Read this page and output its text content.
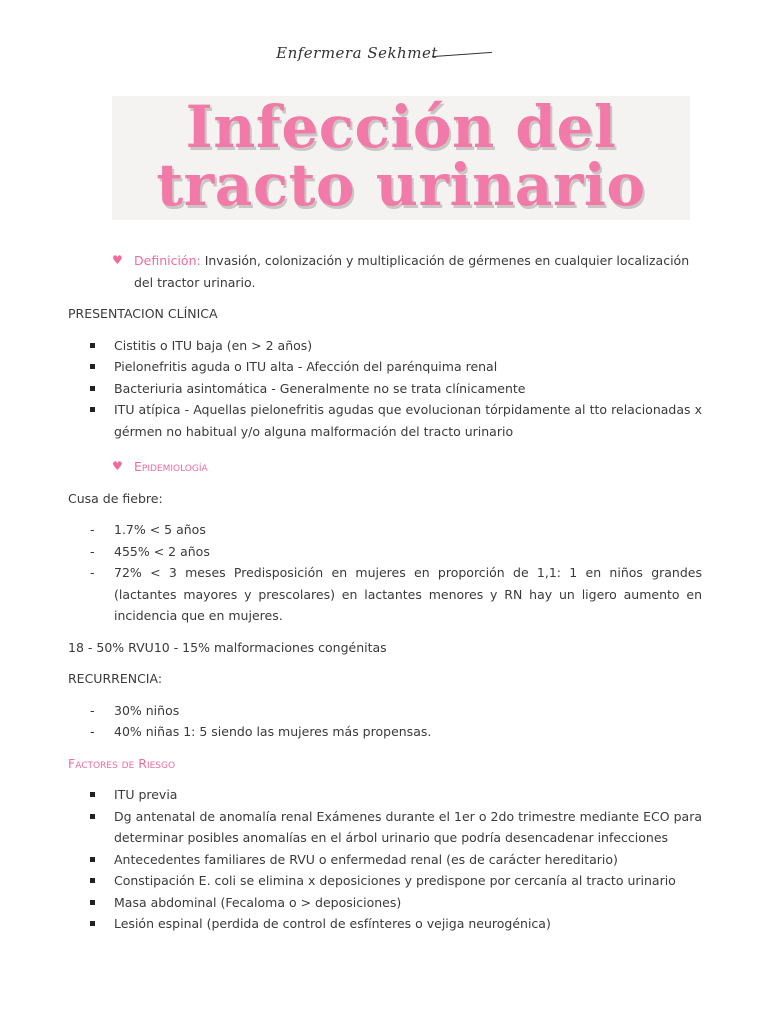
Enfermera Sekhmet
Infección del
tracto urinario
♥ Definición: Invasión, colonización y multiplicación de gérmenes en cualquier localización del tractor urinario.

PRESENTACION CLÍNICA

Cistitis o ITU baja (en > 2 años)
Pielonefritis aguda o ITU alta - Afección del parénquima renal
Bacteriuria asintomática - Generalmente no se trata clínicamente
ITU atípica - Aquellas pielonefritis agudas que evolucionan tórpidamente al tto relacionadas x gérmen no habitual y/o alguna malformación del tracto urinario
♥ Epidemiología

Cusa de fiebre:

- 1.7% < 5 años
- 455% < 2 años
- 72% < 3 meses Predisposición en mujeres en proporción de 1,1: 1 en niños grandes (lactantes mayores y prescolares) en lactantes menores y RN hay un ligero aumento en incidencia que en mujeres.

18 - 50% RVU10 - 15% malformaciones congénitas

RECURRENCIA:

- 30% niños
- 40% niñas 1: 5 siendo las mujeres más propensas.

Factores de Riesgo

ITU previa
Dg antenatal de anomalía renal Exámenes durante el 1er o 2do trimestre mediante ECO para determinar posibles anomalías en el árbol urinario que podría desencadenar infecciones
Antecedentes familiares de RVU o enfermedad renal (es de carácter hereditario)
Constipación E. coli se elimina x deposiciones y predispone por cercanía al tracto urinario
Masa abdominal (Fecaloma o > deposiciones)
Lesión espinal (perdida de control de esfínteres o vejiga neurogénica)
